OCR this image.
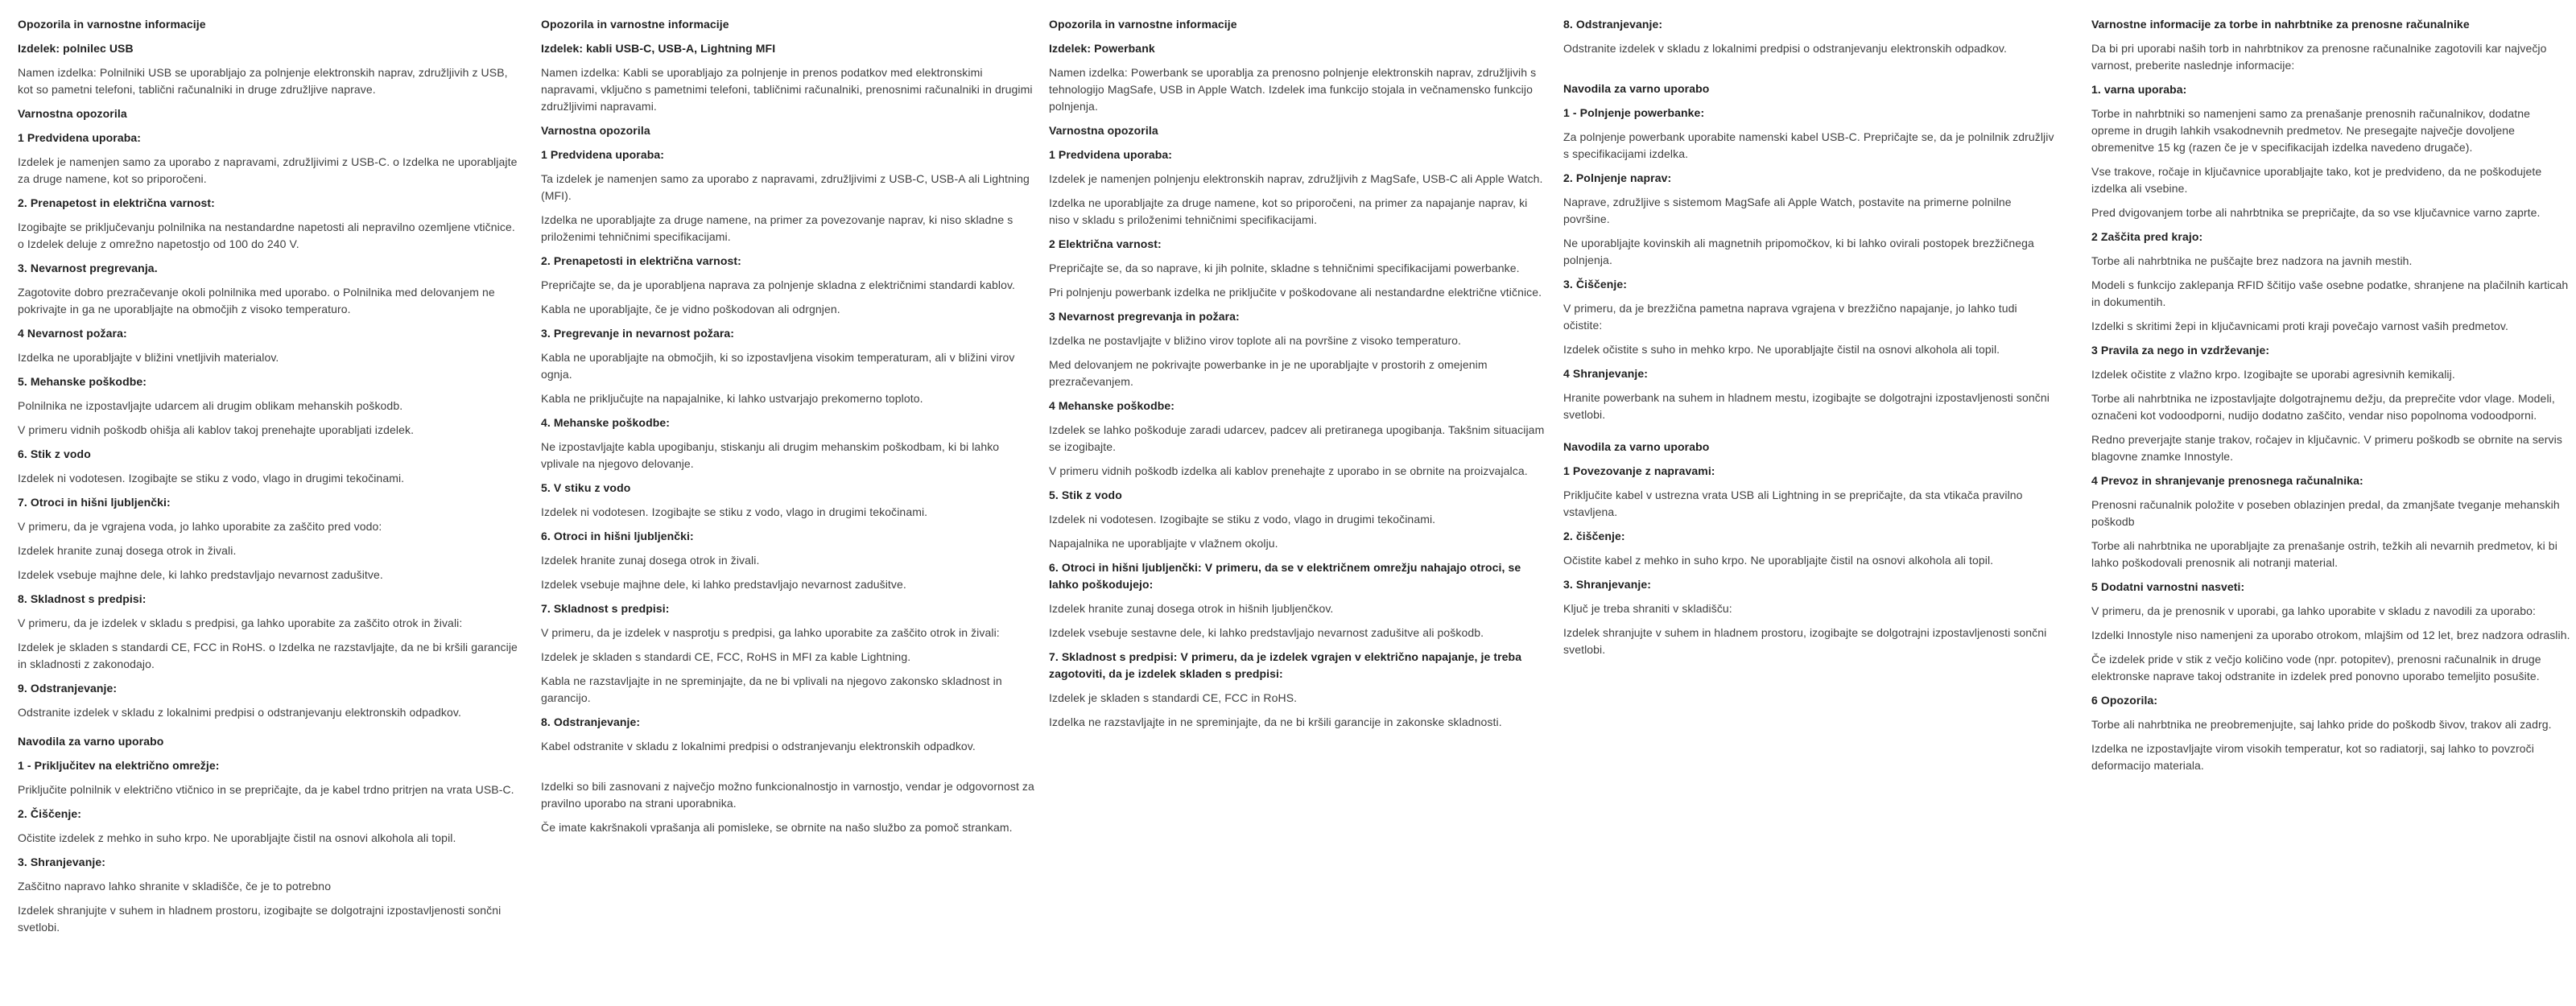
Opozorila in varnostne informacije
Izdelek: polnilec USB

Namen izdelka: Polnilniki USB se uporabljajo za polnjenje elektronskih naprav, združljivih z USB, kot so pametni telefoni, tablični računalniki in druge združljive naprave.

Varnostna opozorila
1 Predvidena uporaba:

Izdelek je namenjen samo za uporabo z napravami, združljivimi z USB-C. o Izdelka ne uporabljajte za druge namene, kot so priporočeni.

2. Prenapetost in električna varnost:

Izogibajte se priključevanju polnilnika na nestandardne napetosti ali nepravilno ozemljene vtičnice. o Izdelek deluje z omrežno napetostjo od 100 do 240 V.

3. Nevarnost pregrevanja.

Zagotovite dobro prezračevanje okoli polnilnika med uporabo. o Polnilnika med delovanjem ne pokrivajte in ga ne uporabljajte na območjih z visoko temperaturo.

4 Nevarnost požara:

Izdelka ne uporabljajte v bližini vnetljivih materialov.

5. Mehanske poškodbe:

Polnilnika ne izpostavljajte udarcem ali drugim oblikam mehanskih poškodb.

V primeru vidnih poškodb ohišja ali kablov takoj prenehajte uporabljati izdelek.

6. Stik z vodo

Izdelek ni vodotesen. Izogibajte se stiku z vodo, vlago in drugimi tekočinami.

7. Otroci in hišni ljubljenčki:

V primeru, da je vgrajena voda, jo lahko uporabite za zaščito pred vodo:

Izdelek hranite zunaj dosega otrok in živali.

Izdelek vsebuje majhne dele, ki lahko predstavljajo nevarnost zadušitve.

8. Skladnost s predpisi:

V primeru, da je izdelek v skladu s predpisi, ga lahko uporabite za zaščito otrok in živali:

Izdelek je skladen s standardi CE, FCC in RoHS. o Izdelka ne razstavljajte, da ne bi kršili garancije in skladnosti z zakonodajo.

9. Odstranjevanje:

Odstranite izdelek v skladu z lokalnimi predpisi o odstranjevanju elektronskih odpadkov.

Navodila za varno uporabo
1 - Priključitev na električno omrežje:

Priključite polnilnik v električno vtičnico in se prepričajte, da je kabel trdno pritrjen na vrata USB-C.

2. Čiščenje:

Očistite izdelek z mehko in suho krpo. Ne uporabljajte čistil na osnovi alkohola ali topil.

3. Shranjevanje:

Zaščitno napravo lahko shranite v skladišče, če je to potrebno

Izdelek shranjujte v suhem in hladnem prostoru, izogibajte se dolgotrajni izpostavljenosti sončni svetlobi.

Opozorila in varnostne informacije
Izdelek: kabli USB-C, USB-A, Lightning MFI

Namen izdelka: Kabli se uporabljajo za polnjenje in prenos podatkov med elektronskimi napravami, vključno s pametnimi telefoni, tabličnimi računalniki, prenosnimi računalniki in drugimi združljivimi napravami.

Varnostna opozorila
1 Predvidena uporaba:

Ta izdelek je namenjen samo za uporabo z napravami, združljivimi z USB-C, USB-A ali Lightning (MFI).

Izdelka ne uporabljajte za druge namene, na primer za povezovanje naprav, ki niso skladne s priloženimi tehničnimi specifikacijami.

2. Prenapetosti in električna varnost:

Prepričajte se, da je uporabljena naprava za polnjenje skladna z električnimi standardi kablov.

Kabla ne uporabljajte, če je vidno poškodovan ali odrgnjen.

3. Pregrevanje in nevarnost požara:

Kabla ne uporabljajte na območjih, ki so izpostavljena visokim temperaturam, ali v bližini virov ognja.

Kabla ne priključujte na napajalnike, ki lahko ustvarjajo prekomerno toploto.

4. Mehanske poškodbe:

Ne izpostavljajte kabla upogibanju, stiskanju ali drugim mehanskim poškodbam, ki bi lahko vplivale na njegovo delovanje.

5. V stiku z vodo

Izdelek ni vodotesen. Izogibajte se stiku z vodo, vlago in drugimi tekočinami.

6. Otroci in hišni ljubljenčki:

Izdelek hranite zunaj dosega otrok in živali.

Izdelek vsebuje majhne dele, ki lahko predstavljajo nevarnost zadušitve.

7. Skladnost s predpisi:

V primeru, da je izdelek v nasprotju s predpisi, ga lahko uporabite za zaščito otrok in živali:

Izdelek je skladen s standardi CE, FCC, RoHS in MFI za kable Lightning.

Kabla ne razstavljajte in ne spreminjajte, da ne bi vplivali na njegovo zakonsko skladnost in garancijo.

8. Odstranjevanje:

Kabel odstranite v skladu z lokalnimi predpisi o odstranjevanju elektronskih odpadkov.

Izdelki so bili zasnovani z največjo možno funkcionalnostjo in varnostjo, vendar je odgovornost za pravilno uporabo na strani uporabnika.

Če imate kakršnakoli vprašanja ali pomisleke, se obrnite na našo službo za pomoč strankam.

Opozorila in varnostne informacije
Izdelek: Powerbank

Namen izdelka: Powerbank se uporablja za prenosno polnjenje elektronskih naprav, združljivih s tehnologijo MagSafe, USB in Apple Watch. Izdelek ima funkcijo stojala in večnamensko funkcijo polnjenja.

Varnostna opozorila
1 Predvidena uporaba:

Izdelek je namenjen polnjenju elektronskih naprav, združljivih z MagSafe, USB-C ali Apple Watch.

Izdelka ne uporabljajte za druge namene, kot so priporočeni, na primer za napajanje naprav, ki niso v skladu s priloženimi tehničnimi specifikacijami.

2 Električna varnost:

Prepričajte se, da so naprave, ki jih polnite, skladne s tehničnimi specifikacijami powerbanke.

Pri polnjenju powerbank izdelka ne priključite v poškodovane ali nestandardne električne vtičnice.

3 Nevarnost pregrevanja in požara:

Izdelka ne postavljajte v bližino virov toplote ali na površine z visoko temperaturo.

Med delovanjem ne pokrivajte powerbanke in je ne uporabljajte v prostorih z omejenim prezračevanjem.

4 Mehanske poškodbe:

Izdelek se lahko poškoduje zaradi udarcev, padcev ali pretiranega upogibanja. Takšnim situacijam se izogibajte.

V primeru vidnih poškodb izdelka ali kablov prenehajte z uporabo in se obrnite na proizvajalca.

5. Stik z vodo

Izdelek ni vodotesen. Izogibajte se stiku z vodo, vlago in drugimi tekočinami.

Napajalnika ne uporabljajte v vlažnem okolju.

6. Otroci in hišni ljubljenčki: V primeru, da se v električnem omrežju nahajajo otroci, se lahko poškodujejo:

Izdelek hranite zunaj dosega otrok in hišnih ljubljenčkov.

Izdelek vsebuje sestavne dele, ki lahko predstavljajo nevarnost zadušitve ali poškodb.

7. Skladnost s predpisi: V primeru, da je izdelek vgrajen v električno napajanje, je treba zagotoviti, da je izdelek skladen s predpisi:

Izdelek je skladen s standardi CE, FCC in RoHS.

Izdelka ne razstavljajte in ne spreminjajte, da ne bi kršili garancije in zakonske skladnosti.

8. Odstranjevanje:

Odstranite izdelek v skladu z lokalnimi predpisi o odstranjevanju elektronskih odpadkov.

Navodila za varno uporabo
1 - Polnjenje powerbanke:

Za polnjenje powerbank uporabite namenski kabel USB-C. Prepričajte se, da je polnilnik združljiv s specifikacijami izdelka.

2. Polnjenje naprav:

Naprave, združljive s sistemom MagSafe ali Apple Watch, postavite na primerne polnilne površine.

Ne uporabljajte kovinskih ali magnetnih pripomočkov, ki bi lahko ovirali postopek brezžičnega polnjenja.

3. Čiščenje:

V primeru, da je brezžična pametna naprava vgrajena v brezžično napajanje, jo lahko tudi očistite:

Izdelek očistite s suho in mehko krpo. Ne uporabljajte čistil na osnovi alkohola ali topil.

4 Shranjevanje:

Hranite powerbank na suhem in hladnem mestu, izogibajte se dolgotrajni izpostavljenosti sončni svetlobi.

Navodila za varno uporabo
1 Povezovanje z napravami:

Priključite kabel v ustrezna vrata USB ali Lightning in se prepričajte, da sta vtikača pravilno vstavljena.

2. čiščenje:

Očistite kabel z mehko in suho krpo. Ne uporabljajte čistil na osnovi alkohola ali topil.

3. Shranjevanje:

Ključ je treba shraniti v skladišču:

Izdelek shranjujte v suhem in hladnem prostoru, izogibajte se dolgotrajni izpostavljenosti sončni svetlobi.

Varnostne informacije za torbe in nahrbtnike za prenosne računalnike

Da bi pri uporabi naših torb in nahrbtnikov za prenosne računalnike zagotovili kar največjo varnost, preberite naslednje informacije:

1. varna uporaba:

Torbe in nahrbtniki so namenjeni samo za prenašanje prenosnih računalnikov, dodatne opreme in drugih lahkih vsakodnevnih predmetov. Ne presegajte največje dovoljene obremenitve 15 kg (razen če je v specifikacijah izdelka navedeno drugače).

Vse trakove, ročaje in ključavnice uporabljajte tako, kot je predvideno, da ne poškodujete izdelka ali vsebine.

Pred dvigovanjem torbe ali nahrbtnika se prepričajte, da so vse ključavnice varno zaprte.

2 Zaščita pred krajo:

Torbe ali nahrbtnika ne puščajte brez nadzora na javnih mestih.

Modeli s funkcijo zaklepanja RFID ščitijo vaše osebne podatke, shranjene na plačilnih karticah in dokumentih.

Izdelki s skritimi žepi in ključavnicami proti kraji povečajo varnost vaših predmetov.

3 Pravila za nego in vzdrževanje:

Izdelek očistite z vlažno krpo. Izogibajte se uporabi agresivnih kemikalij.

Torbe ali nahrbtnika ne izpostavljajte dolgotrajnemu dežju, da preprečite vdor vlage. Modeli, označeni kot vodoodporni, nudijo dodatno zaščito, vendar niso popolnoma vodoodporni.

Redno preverjajte stanje trakov, ročajev in ključavnic. V primeru poškodb se obrnite na servis blagovne znamke Innostyle.

4 Prevoz in shranjevanje prenosnega računalnika:

Prenosni računalnik položite v poseben oblazinjen predal, da zmanjšate tveganje mehanskih poškodb

Torbe ali nahrbtnika ne uporabljajte za prenašanje ostrih, težkih ali nevarnih predmetov, ki bi lahko poškodovali prenosnik ali notranji material.

5 Dodatni varnostni nasveti:

V primeru, da je prenosnik v uporabi, ga lahko uporabite v skladu z navodili za uporabo:

Izdelki Innostyle niso namenjeni za uporabo otrokom, mlajšim od 12 let, brez nadzora odraslih.

Če izdelek pride v stik z večjo količino vode (npr. potopitev), prenosni računalnik in druge elektronske naprave takoj odstranite in izdelek pred ponovno uporabo temeljito posušite.

6 Opozorila:

Torbe ali nahrbtnika ne preobremenjujte, saj lahko pride do poškodb šivov, trakov ali zadrg.

Izdelka ne izpostavljajte virom visokih temperatur, kot so radiatorji, saj lahko to povzroči deformacijo materiala.
